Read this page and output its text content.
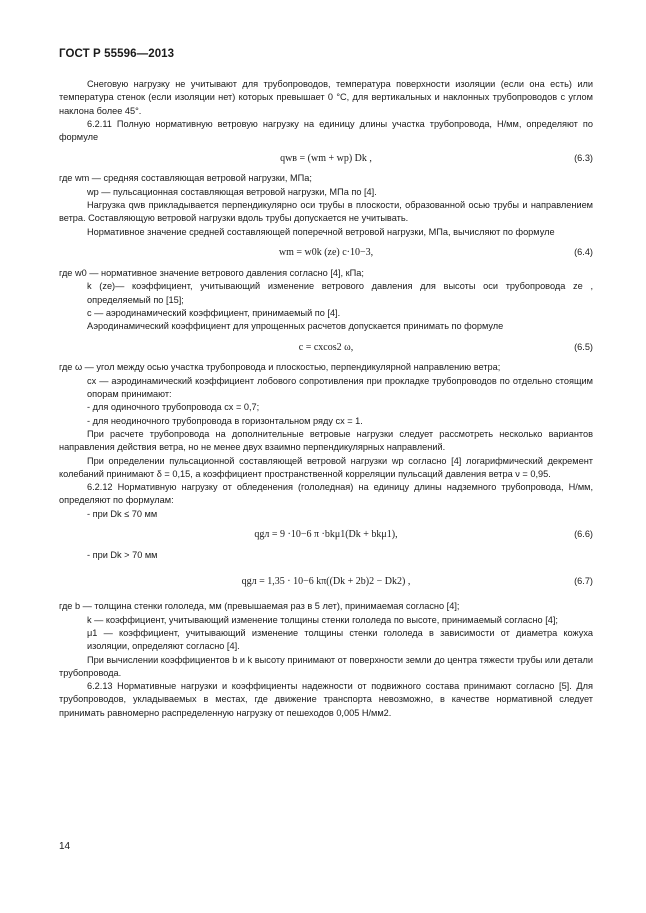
ГОСТ Р 55596—2013

Снеговую нагрузку не учитывают для трубопроводов, температура поверхности изоляции (если она есть) или температура стенок (если изоляции нет) которых превышает 0 °С, для вертикальных и наклонных трубопроводов с углом наклона более 45°.

6.2.11 Полную нормативную ветровую нагрузку на единицу длины участка трубопровода, Н/мм, определяют по формуле

qwв = (wm + wp) Dk ,	(6.3)

где wm — средняя составляющая ветровой нагрузки, МПа;

wp — пульсационная составляющая ветровой нагрузки, МПа по [4].

Нагрузка qwв прикладывается перпендикулярно оси трубы в плоскости, образованной осью трубы и направлением ветра. Составляющую ветровой нагрузки вдоль трубы допускается не учитывать.

Нормативное значение средней составляющей поперечной ветровой нагрузки, МПа, вычисляют по формуле

wm = w0k (ze) c·10−3,	(6.4)

где w0 — нормативное значение ветрового давления согласно [4], кПа;

k (ze)— коэффициент, учитывающий изменение ветрового давления для высоты оси трубопровода ze , определяемый по [15];

c — аэродинамический коэффициент, принимаемый по [4].

Аэродинамический коэффициент для упрощенных расчетов допускается принимать по формуле

c = cxcos2 ω,	(6.5)

где ω — угол между осью участка трубопровода и плоскостью, перпендикулярной направлению ветра;

cx — аэродинамический коэффициент лобового сопротивления при прокладке трубопроводов по отдельно стоящим опорам принимают:

- для одиночного трубопровода cx = 0,7;

- для неодиночного трубопровода в горизонтальном ряду cx = 1.

При расчете трубопровода на дополнительные ветровые нагрузки следует рассмотреть несколько вариантов направления действия ветра, но не менее двух взаимно перпендикулярных направлений.

При определении пульсационной составляющей ветровой нагрузки wp согласно [4] логарифмический декремент колебаний принимают δ = 0,15, а коэффициент пространственной корреляции пульсаций давления ветра ν = 0,95.

6.2.12 Нормативную нагрузку от обледенения (гололедная) на единицу длины надземного трубопровода, Н/мм, определяют по формулам:

- при Dk ≤ 70 мм

qgл = 9 ·10−6 π ·bkμ1(Dk + bkμ1),	(6.6)

- при Dk > 70 мм

qgл = 1,35 · 10−6 kπ((Dk + 2b)2 − Dk2) ,	(6.7)

где b — толщина стенки гололеда, мм (превышаемая раз в 5 лет), принимаемая согласно [4];

k — коэффициент, учитывающий изменение толщины стенки гололеда по высоте, принимаемый согласно [4];

μ1 — коэффициент, учитывающий изменение толщины стенки гололеда в зависимости от диаметра кожуха изоляции, определяют согласно [4].

При вычислении коэффициентов b и k высоту принимают от поверхности земли до центра тяжести трубы или детали трубопровода.

6.2.13 Нормативные нагрузки и коэффициенты надежности от подвижного состава принимают согласно [5]. Для трубопроводов, укладываемых в местах, где движение транспорта невозможно, в качестве нормативной следует принимать равномерно распределенную нагрузку от пешеходов 0,005 Н/мм2.

14
